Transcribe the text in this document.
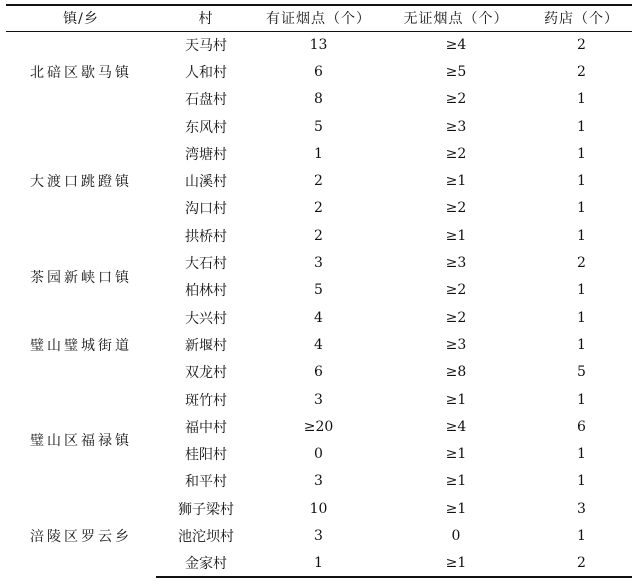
镇/乡	村	有证烟点（个）	无证烟点（个）	药店（个）
北碚区歇马镇	天马村	13	≥4	2
	人和村	6	≥5	2
	石盘村	8	≥2	1
大渡口跳蹬镇	东风村	5	≥3	1
	湾塘村	1	≥2	1
	山溪村	2	≥1	1
	沟口村	2	≥2	1
	拱桥村	2	≥1	1
茶园新峡口镇	大石村	3	≥3	2
	柏林村	5	≥2	1
璧山璧城街道	大兴村	4	≥2	1
	新堰村	4	≥3	1
	双龙村	6	≥8	5
璧山区福禄镇	斑竹村	3	≥1	1
	福中村	≥20	≥4	6
	桂阳村	0	≥1	1
	和平村	3	≥1	1
涪陵区罗云乡	狮子梁村	10	≥1	3
	池沱坝村	3	0	1
	金家村	1	≥1	2
